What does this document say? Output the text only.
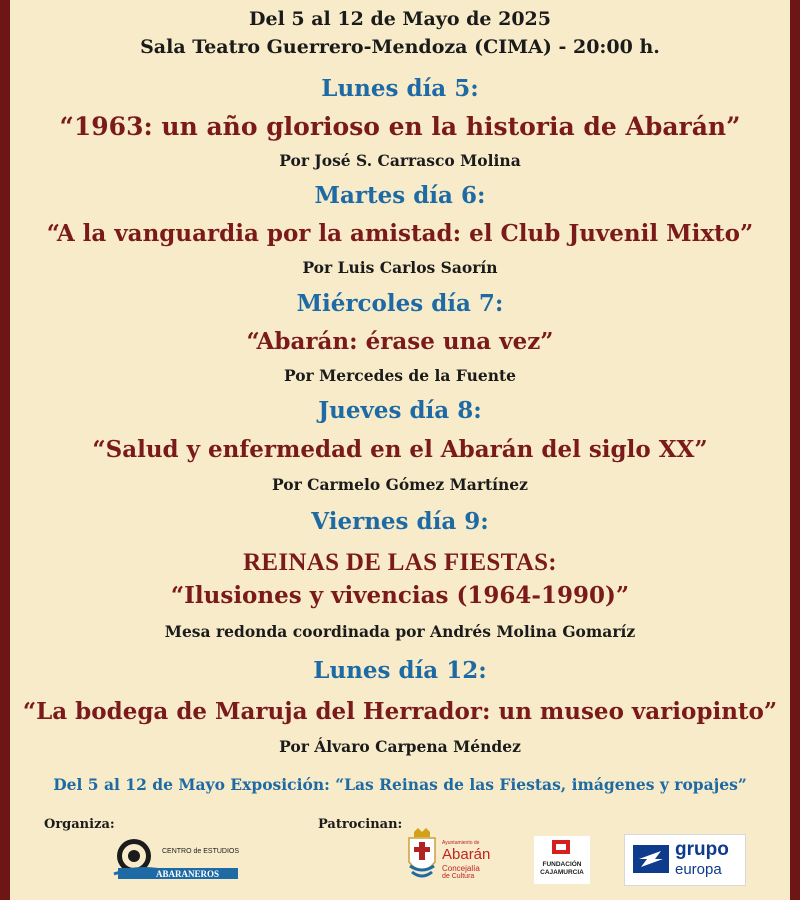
Del 5 al 12 de Mayo de 2025
Sala Teatro Guerrero-Mendoza (CIMA) - 20:00 h.
Lunes día 5:
“1963: un año glorioso en la historia de Abarán”
Por José S. Carrasco Molina
Martes día 6:
“A la vanguardia por la amistad: el Club Juvenil Mixto”
Por Luis Carlos Saorín
Miércoles día 7:
“Abarán: érase una vez”
Por Mercedes de la Fuente
Jueves día 8:
“Salud y enfermedad en el Abarán del siglo XX”
Por Carmelo Gómez Martínez
Viernes día 9:
REINAS DE LAS FIESTAS:
“Ilusiones y vivencias (1964-1990)”
Mesa redonda coordinada por Andrés Molina Gomaríz
Lunes día 12:
“La bodega de Maruja del Herrador: un museo variopinto”
Por Álvaro Carpena Méndez
Del 5 al 12 de Mayo Exposición: “Las Reinas de las Fiestas, imágenes y ropajes”
Organiza:	Patrocinan:
CENTRO de ESTUDIOS
ABARANEROS
Ayuntamiento de
Abarán
Concejalía
de Cultura
FUNDACIÓN
CAJAMURCIA
grupo
europa
